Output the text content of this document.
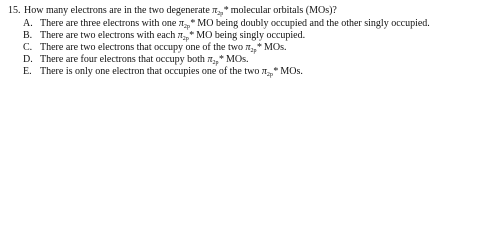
15. How many electrons are in the two degenerate $\pi_{2p}*$ molecular orbitals (MOs)?
A. There are three electrons with one $\pi_{2p}*$ MO being doubly occupied and the other singly occupied.
B. There are two electrons with each $\pi_{2p}*$ MO being singly occupied.
C. There are two electrons that occupy one of the two $\pi_{2p}*$ MOs.
D. There are four electrons that occupy both $\pi_{2p}*$ MOs.
E. There is only one electron that occupies one of the two $\pi_{2p}*$ MOs.
